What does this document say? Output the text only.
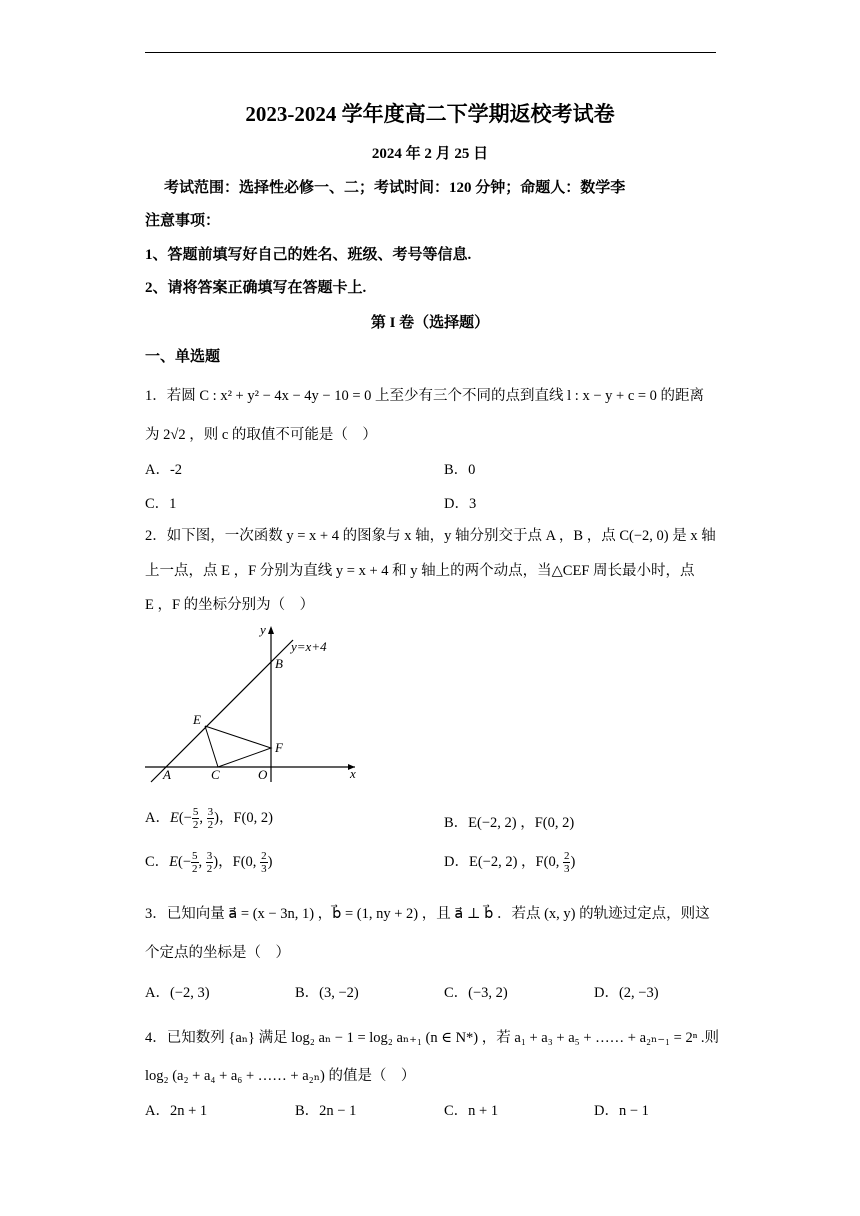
2023-2024 学年度高二下学期返校考试卷
2024 年 2 月 25 日
考试范围：选择性必修一、二；考试时间：120 分钟；命题人：数学李
注意事项：
1、答题前填写好自己的姓名、班级、考号等信息.
2、请将答案正确填写在答题卡上.
第 I 卷（选择题）
一、单选题
1．若圆 C : x² + y² − 4x − 4y − 10 = 0 上至少有三个不同的点到直线 l : x − y + c = 0 的距离
为 2√2 ，则 c 的取值不可能是（　）
A．-2	B．0
C．1	D．3
2．如下图，一次函数 y = x + 4 的图象与 x 轴，y 轴分别交于点 A ，B ，点 C(−2, 0) 是 x 轴
上一点，点 E ，F 分别为直线 y = x + 4 和 y 轴上的两个动点，当△CEF 周长最小时，点
E ，F 的坐标分别为（　）
y
x
y=x+4
B
E
F
A	C	O
A．$E(- \frac{5}{2}$ , $\frac{3}{2}$ )，F(0, 2)	B．E(−2, 2) ，F(0, 2)
C．$E(- \frac{5}{2}$ , $\frac{3}{2}$ )，F(0, $\frac{2}{3}$ )	D．E(−2, 2) ，F(0, $\frac{2}{3}$ )
3．已知向量 a⃗ = (x − 3n, 1) ，b⃗ = (1, ny + 2) ，且 a⃗ ⊥ b⃗ ．若点 (x, y) 的轨迹过定点，则这
个定点的坐标是（　）
A．(−2, 3)	B．(3, −2)	C．(−3, 2)	D．(2, −3)
4．已知数列 {aₙ} 满足 log₂ aₙ − 1 = log₂ aₙ₊₁ (n ∈ N*) ，若 a₁ + a₃ + a₅ + …… + a₂ₙ₋₁ = 2ⁿ .则
log₂ (a₂ + a₄ + a₆ + …… + a₂ₙ) 的值是（　）
A．2n + 1	B．2n − 1	C．n + 1	D．n − 1
